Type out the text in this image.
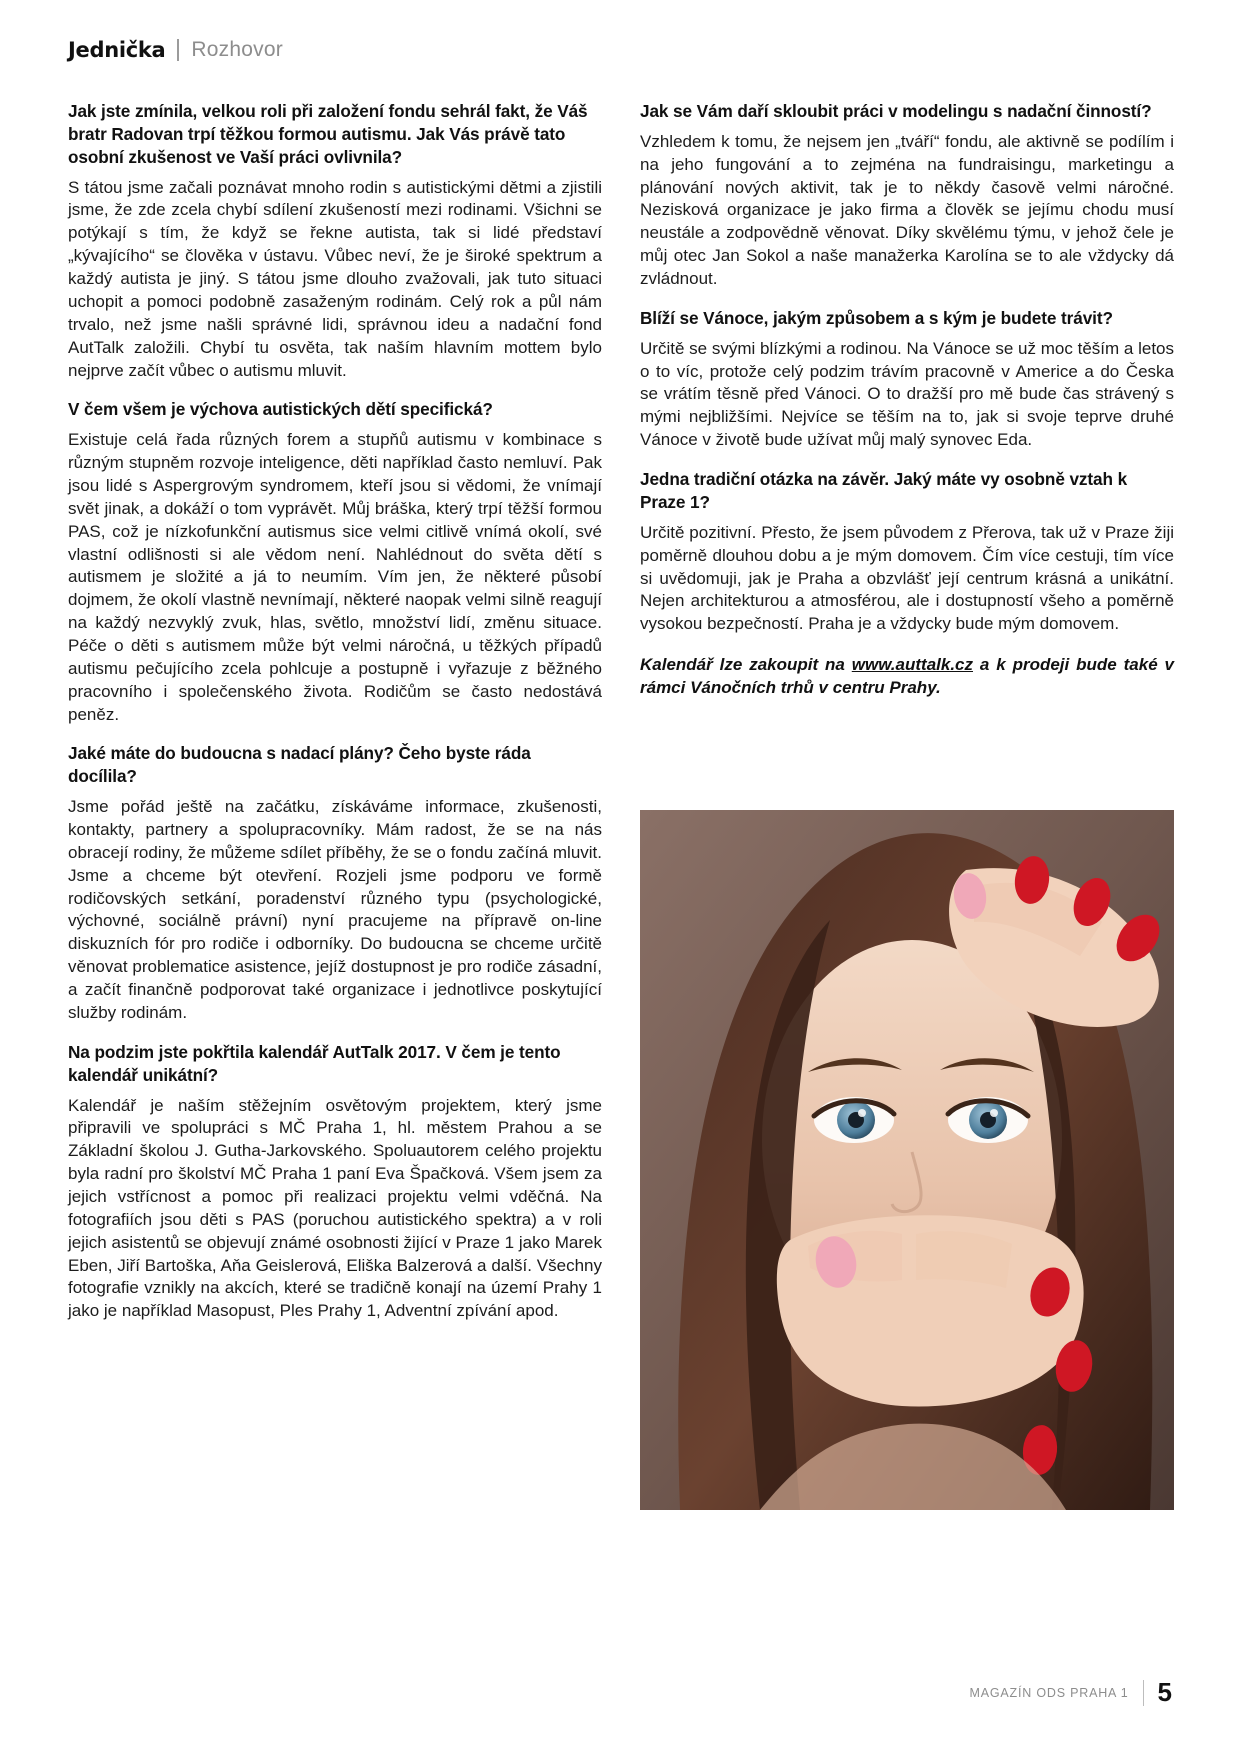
Jednička Rozhovor
Jak jste zmínila, velkou roli při založení fondu sehrál fakt, že Váš bratr Radovan trpí těžkou formou autismu. Jak Vás právě tato osobní zkušenost ve Vaší práci ovlivnila?

S tátou jsme začali poznávat mnoho rodin s autistickými dětmi a zjistili jsme, že zde zcela chybí sdílení zkušeností mezi rodinami. Všichni se potýkají s tím, že když se řekne autista, tak si lidé představí „kývajícího“ se člověka v ústavu. Vůbec neví, že je široké spektrum a každý autista je jiný. S tátou jsme dlouho zvažovali, jak tuto situaci uchopit a pomoci podobně zasaženým rodinám. Celý rok a půl nám trvalo, než jsme našli správné lidi, správnou ideu a nadační fond AutTalk založili. Chybí tu osvěta, tak naším hlavním mottem bylo nejprve začít vůbec o autismu mluvit.

V čem všem je výchova autistických dětí specifická?

Existuje celá řada různých forem a stupňů autismu v kombinace s různým stupněm rozvoje inteligence, děti například často nemluví. Pak jsou lidé s Aspergrovým syndromem, kteří jsou si vědomi, že vnímají svět jinak, a dokáží o tom vyprávět. Můj bráška, který trpí těžší formou PAS, což je nízkofunkční autismus sice velmi citlivě vnímá okolí, své vlastní odlišnosti si ale vědom není. Nahlédnout do světa dětí s autismem je složité a já to neumím. Vím jen, že některé působí dojmem, že okolí vlastně nevnímají, některé naopak velmi silně reagují na každý nezvyklý zvuk, hlas, světlo, množství lidí, změnu situace. Péče o děti s autismem může být velmi náročná, u těžkých případů autismu pečujícího zcela pohlcuje a postupně i vyřazuje z běžného pracovního i společenského života. Rodičům se často nedostává peněz.

Jaké máte do budoucna s nadací plány? Čeho byste ráda docílila?

Jsme pořád ještě na začátku, získáváme informace, zkušenosti, kontakty, partnery a spolupracovníky. Mám radost, že se na nás obracejí rodiny, že můžeme sdílet příběhy, že se o fondu začíná mluvit. Jsme a chceme být otevření. Rozjeli jsme podporu ve formě rodičovských setkání, poradenství různého typu (psychologické, výchovné, sociálně právní) nyní pracujeme na přípravě on-line diskuzních fór pro rodiče i odborníky. Do budoucna se chceme určitě věnovat problematice asistence, jejíž dostupnost je pro rodiče zásadní, a začít finančně podporovat také organizace i jednotlivce poskytující služby rodinám.

Na podzim jste pokřtila kalendář AutTalk 2017. V čem je tento kalendář unikátní?

Kalendář je naším stěžejním osvětovým projektem, který jsme připravili ve spolupráci s MČ Praha 1, hl. městem Prahou a se Základní školou J. Gutha-Jarkovského. Spoluautorem celého projektu byla radní pro školství MČ Praha 1 paní Eva Špačková. Všem jsem za jejich vstřícnost a pomoc při realizaci projektu velmi vděčná. Na fotografiích jsou děti s PAS (poruchou autistického spektra) a v roli jejich asistentů se objevují známé osobnosti žijící v Praze 1 jako Marek Eben, Jiří Bartoška, Aňa Geislerová, Eliška Balzerová a další. Všechny fotografie vznikly na akcích, které se tradičně konají na území Prahy 1 jako je například Masopust, Ples Prahy 1, Adventní zpívání apod.

Jak se Vám daří skloubit práci v modelingu s nadační činností?

Vzhledem k tomu, že nejsem jen „tváří“ fondu, ale aktivně se podílím i na jeho fungování a to zejména na fundraisingu, marketingu a plánování nových aktivit, tak je to někdy časově velmi náročné. Nezisková organizace je jako firma a člověk se jejímu chodu musí neustále a zodpovědně věnovat. Díky skvělému týmu, v jehož čele je můj otec Jan Sokol a naše manažerka Karolína se to ale vždycky dá zvládnout.

Blíží se Vánoce, jakým způsobem a s kým je budete trávit?

Určitě se svými blízkými a rodinou. Na Vánoce se už moc těším a letos o to víc, protože celý podzim trávím pracovně v Americe a do Česka se vrátím těsně před Vánoci. O to dražší pro mě bude čas strávený s mými nejbližšími. Nejvíce se těším na to, jak si svoje teprve druhé Vánoce v životě bude užívat můj malý synovec Eda.

Jedna tradiční otázka na závěr. Jaký máte vy osobně vztah k Praze 1?

Určitě pozitivní. Přesto, že jsem původem z Přerova, tak už v Praze žiji poměrně dlouhou dobu a je mým domovem. Čím více cestuji, tím více si uvědomuji, jak je Praha a obzvlášť její centrum krásná a unikátní. Nejen architekturou a atmosférou, ale i dostupností všeho a poměrně vysokou bezpečností. Praha je a vždycky bude mým domovem.

Kalendář lze zakoupit na www.auttalk.cz a k prodeji bude také v rámci Vánočních trhů v centru Prahy.

MAGAZÍN ODS PRAHA 1 5
